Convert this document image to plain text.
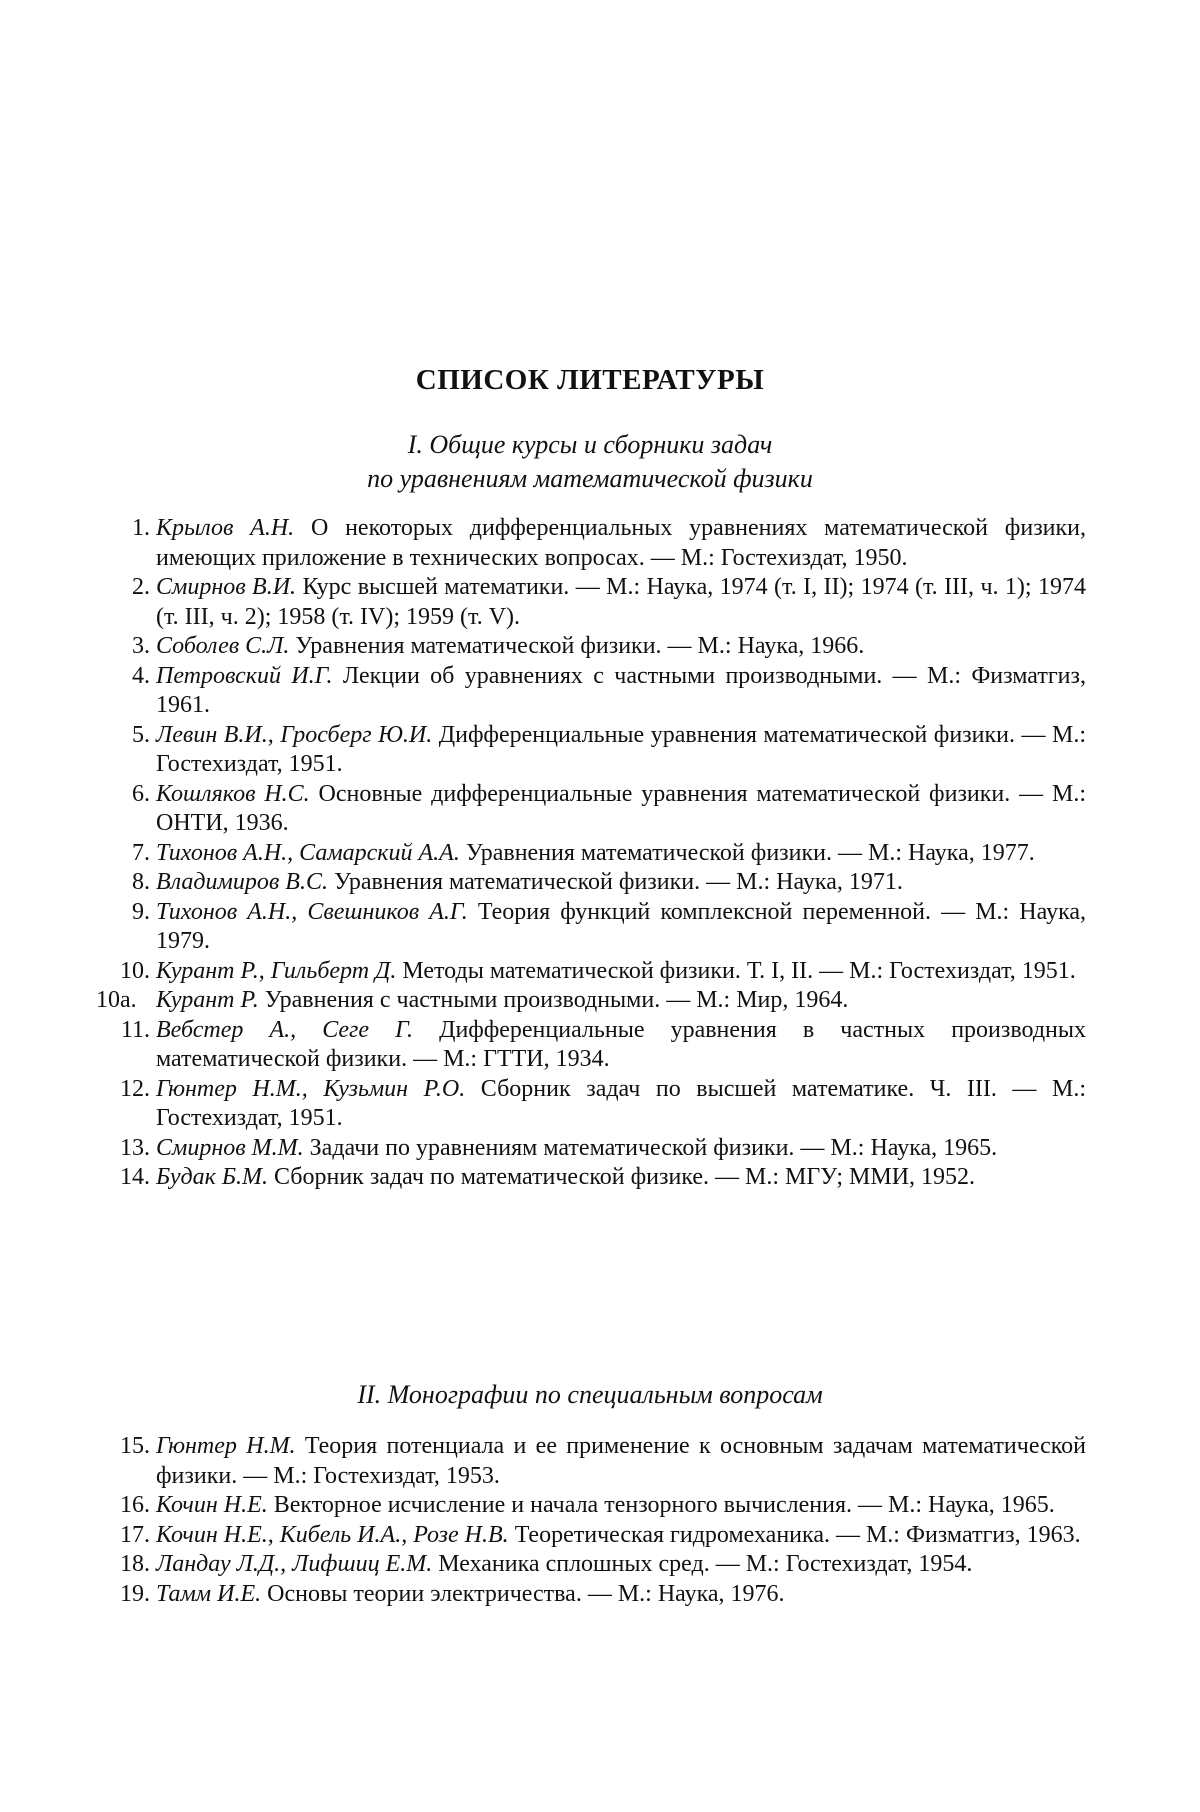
СПИСОК ЛИТЕРАТУРЫ
I. Общие курсы и сборники задач
по уравнениям математической физики
1. Крылов А.Н. О некоторых дифференциальных уравнениях математической физики, имеющих приложение в технических вопросах. — М.: Гостехиздат, 1950.
2. Смирнов В.И. Курс высшей математики. — М.: Наука, 1974 (т. I, II); 1974 (т. III, ч. 1); 1974 (т. III, ч. 2); 1958 (т. IV); 1959 (т. V).
3. Соболев С.Л. Уравнения математической физики. — М.: Наука, 1966.
4. Петровский И.Г. Лекции об уравнениях с частными производными. — М.: Физматгиз, 1961.
5. Левин В.И., Гросберг Ю.И. Дифференциальные уравнения математической физики. — М.: Гостехиздат, 1951.
6. Кошляков Н.С. Основные дифференциальные уравнения математической физики. — М.: ОНТИ, 1936.
7. Тихонов А.Н., Самарский А.А. Уравнения математической физики. — М.: Наука, 1977.
8. Владимиров В.С. Уравнения математической физики. — М.: Наука, 1971.
9. Тихонов А.Н., Свешников А.Г. Теория функций комплексной переменной. — М.: Наука, 1979.
10. Курант Р., Гильберт Д. Методы математической физики. Т. I, II. — М.: Гостехиздат, 1951.
10а. Курант Р. Уравнения с частными производными. — М.: Мир, 1964.
11. Вебстер А., Сеге Г. Дифференциальные уравнения в частных производных математической физики. — М.: ГТТИ, 1934.
12. Гюнтер Н.М., Кузьмин Р.О. Сборник задач по высшей математике. Ч. III. — М.: Гостехиздат, 1951.
13. Смирнов М.М. Задачи по уравнениям математической физики. — М.: Наука, 1965.
14. Будак Б.М. Сборник задач по математической физике. — М.: МГУ; ММИ, 1952.
II. Монографии по специальным вопросам
15. Гюнтер Н.М. Теория потенциала и ее применение к основным задачам математической физики. — М.: Гостехиздат, 1953.
16. Кочин Н.Е. Векторное исчисление и начала тензорного вычисления. — М.: Наука, 1965.
17. Кочин Н.Е., Кибель И.А., Розе Н.В. Теоретическая гидромеханика. — М.: Физматгиз, 1963.
18. Ландау Л.Д., Лифшиц Е.М. Механика сплошных сред. — М.: Гостехиздат, 1954.
19. Тамм И.Е. Основы теории электричества. — М.: Наука, 1976.
